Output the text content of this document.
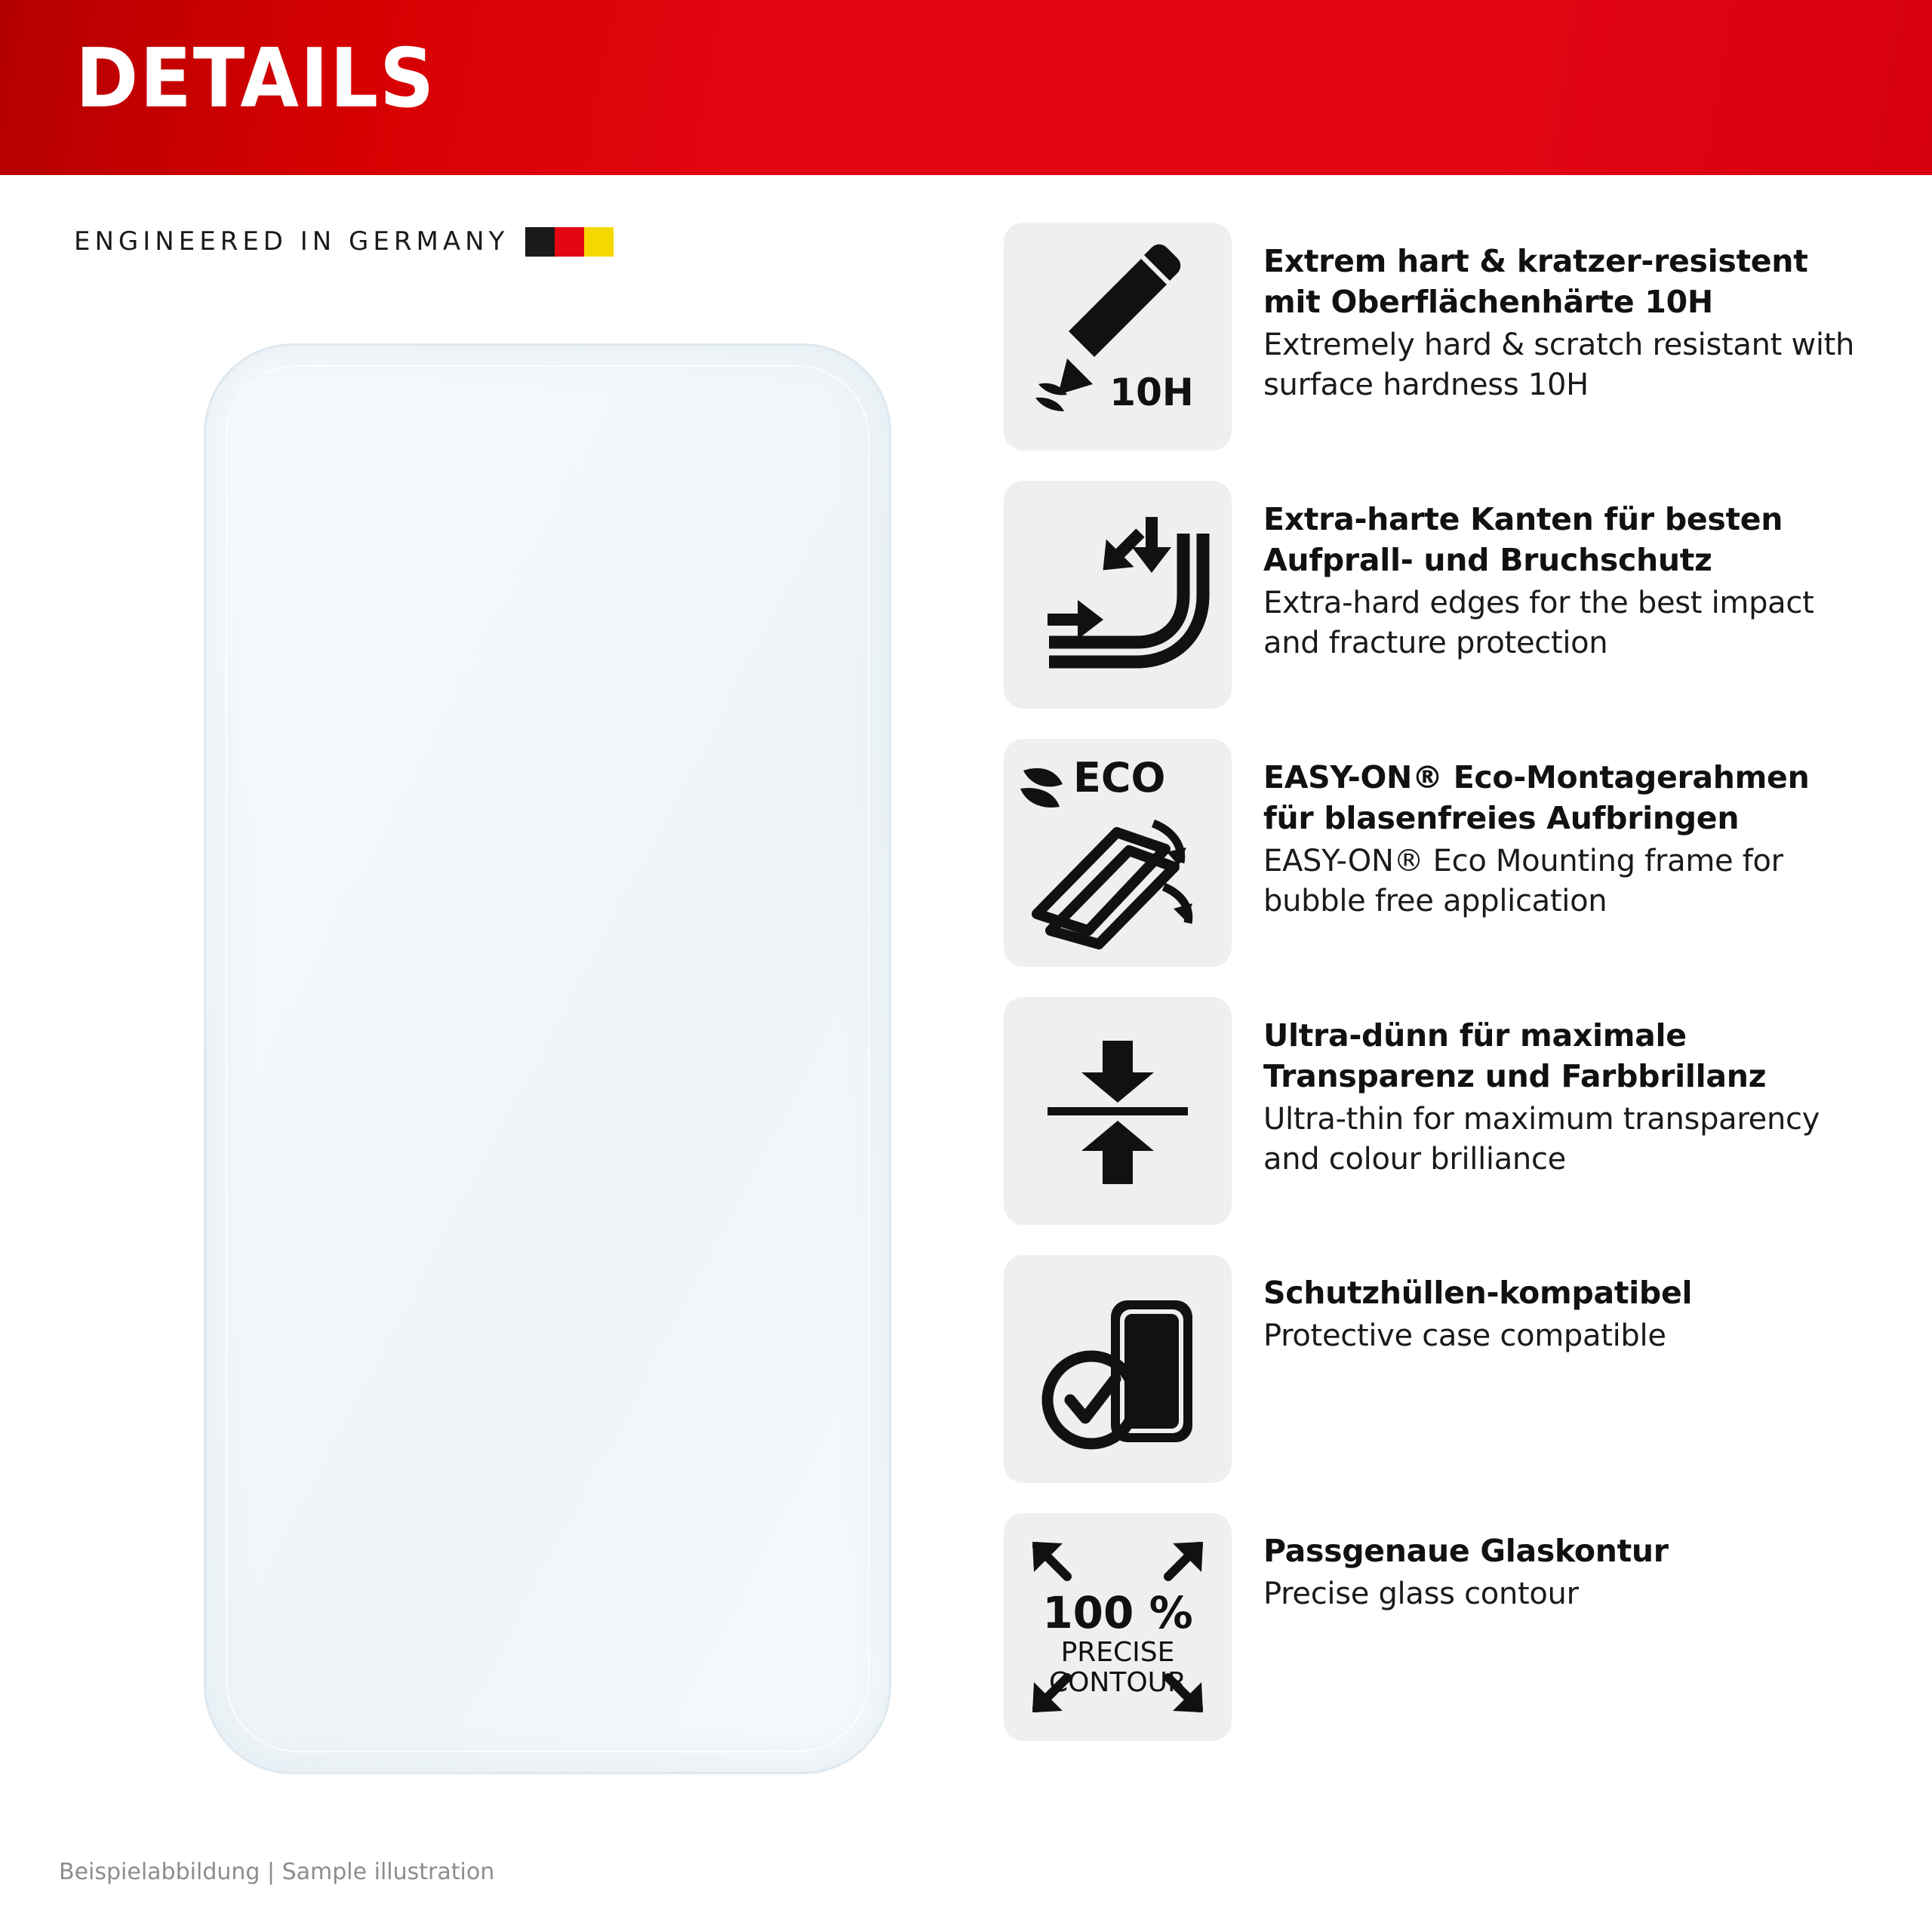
DETAILS
ENGINEERED IN GERMANY
10H
Extrem hart & kratzer-resistent mit Oberflächenhärte 10H
Extremely hard & scratch resistant with surface hardness 10H
Extra-harte Kanten für besten Aufprall- und Bruchschutz
Extra-hard edges for the best impact and fracture protection
ECO	EASY-ON® Eco-Montagerahmen für blasenfreies Aufbringen
EASY-ON® Eco Mounting frame for bubble free application
Ultra-dünn für maximale Transparenz und Farbbrillanz
Ultra-thin for maximum transparency and colour brilliance
Schutzhüllen-kompatibel
Protective case compatible
100 %
PRECISE
CONTOUR
Passgenaue Glaskontur
Precise glass contour
Beispielabbildung | Sample illustration
